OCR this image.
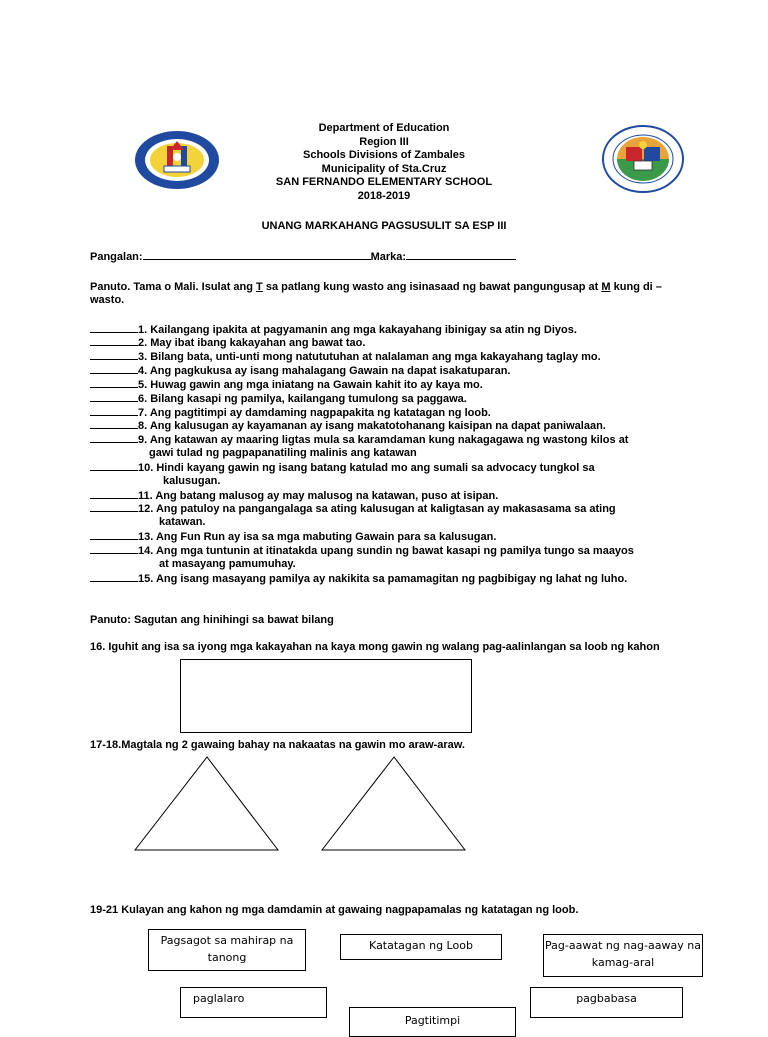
Department of Education
Region III
Schools Divisions of Zambales
Municipality of Sta.Cruz
SAN FERNANDO ELEMENTARY SCHOOL
2018-2019
UNANG MARKAHANG PAGSUSULIT SA ESP III
Pangalan:	Marka:
Panuto. Tama o Mali. Isulat ang T sa patlang kung wasto ang isinasaad ng bawat pangungusap at M kung di –
wasto.
1. Kailangang ipakita at pagyamanin ang mga kakayahang ibinigay sa atin ng Diyos.
2. May ibat ibang kakayahan ang bawat tao.
3. Bilang bata, unti-unti mong natututuhan at nalalaman ang mga kakayahang taglay mo.
4. Ang pagkukusa ay isang mahalagang Gawain na dapat isakatuparan.
5. Huwag gawin ang mga iniatang na Gawain kahit ito ay kaya mo.
6. Bilang kasapi ng pamilya, kailangang tumulong sa paggawa.
7. Ang pagtitimpi ay damdaming nagpapakita ng katatagan ng loob.
8. Ang kalusugan ay kayamanan ay isang makatotohanang kaisipan na dapat paniwalaan.
9. Ang katawan ay maaring ligtas mula sa karamdaman kung nakagagawa ng wastong kilos at
gawi tulad ng pagpapanatiling malinis ang katawan
10. Hindi kayang gawin ng isang batang katulad mo ang sumali sa advocacy tungkol sa
kalusugan.
11. Ang batang malusog ay may malusog na katawan, puso at isipan.
12. Ang patuloy na pangangalaga sa ating kalusugan at kaligtasan ay makasasama sa ating
katawan.
13. Ang Fun Run ay isa sa mga mabuting Gawain para sa kalusugan.
14. Ang mga tuntunin at itinatakda upang sundin ng bawat kasapi ng pamilya tungo sa maayos
at masayang pamumuhay.
15. Ang isang masayang pamilya ay nakikita sa pamamagitan ng pagbibigay ng lahat ng luho.
Panuto: Sagutan ang hinihingi sa bawat bilang
16. Iguhit ang isa sa iyong mga kakayahan na kaya mong gawin ng walang pag-aalinlangan sa loob ng kahon
17-18.Magtala ng 2 gawaing bahay na nakaatas na gawin mo araw-araw.
19-21 Kulayan ang kahon ng mga damdamin at gawaing nagpapamalas ng katatagan ng loob.
Pagsagot sa mahirap na tanong
Katatagan ng Loob	Pag-aawat ng nag-aaway na kamag-aral
paglalaro	pagbabasa
Pagtitimpi
